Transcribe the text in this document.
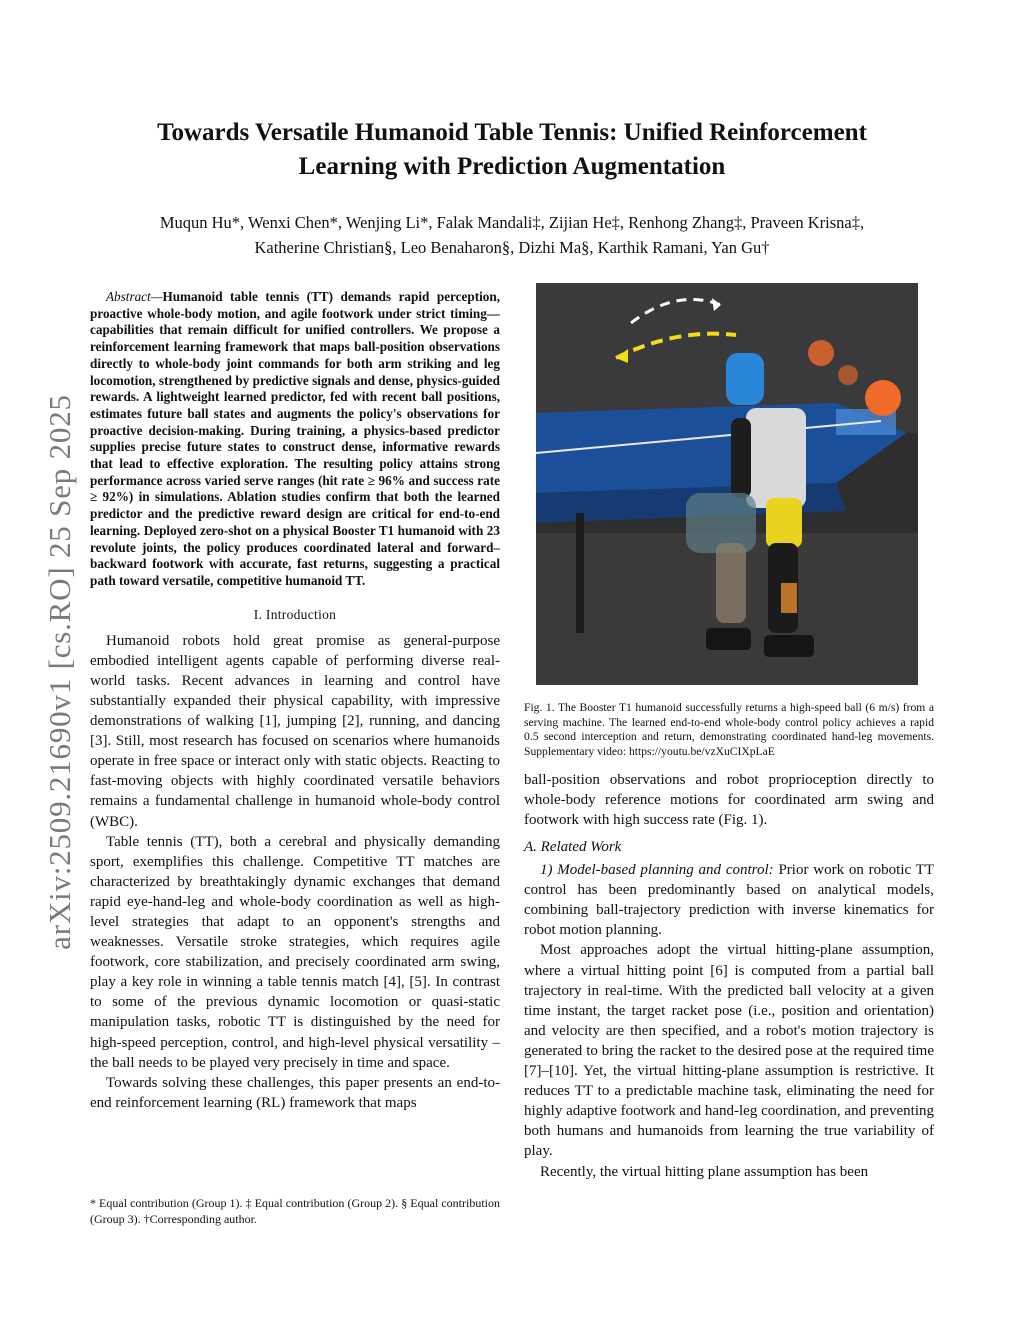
arXiv:2509.21690v1 [cs.RO] 25 Sep 2025
Towards Versatile Humanoid Table Tennis: Unified Reinforcement
Learning with Prediction Augmentation
Muqun Hu*, Wenxi Chen*, Wenjing Li*, Falak Mandali‡, Zijian He‡, Renhong Zhang‡, Praveen Krisna‡,
Katherine Christian§, Leo Benaharon§, Dizhi Ma§, Karthik Ramani, Yan Gu†

Abstract—Humanoid table tennis (TT) demands rapid perception, proactive whole-body motion, and agile footwork under strict timing—capabilities that remain difficult for unified controllers. We propose a reinforcement learning framework that maps ball-position observations directly to whole-body joint commands for both arm striking and leg locomotion, strengthened by predictive signals and dense, physics-guided rewards. A lightweight learned predictor, fed with recent ball positions, estimates future ball states and augments the policy's observations for proactive decision-making. During training, a physics-based predictor supplies precise future states to construct dense, informative rewards that lead to effective exploration. The resulting policy attains strong performance across varied serve ranges (hit rate ≥ 96% and success rate ≥ 92%) in simulations. Ablation studies confirm that both the learned predictor and the predictive reward design are critical for end-to-end learning. Deployed zero-shot on a physical Booster T1 humanoid with 23 revolute joints, the policy produces coordinated lateral and forward–backward footwork with accurate, fast returns, suggesting a practical path toward versatile, competitive humanoid TT.

I. Introduction

Humanoid robots hold great promise as general-purpose embodied intelligent agents capable of performing diverse real-world tasks. Recent advances in learning and control have substantially expanded their physical capability, with impressive demonstrations of walking [1], jumping [2], running, and dancing [3]. Still, most research has focused on scenarios where humanoids operate in free space or interact only with static objects. Reacting to fast-moving objects with highly coordinated versatile behaviors remains a fundamental challenge in humanoid whole-body control (WBC).

Table tennis (TT), both a cerebral and physically demanding sport, exemplifies this challenge. Competitive TT matches are characterized by breathtakingly dynamic exchanges that demand rapid eye-hand-leg and whole-body coordination as well as high-level strategies that adapt to an opponent's strengths and weaknesses. Versatile stroke strategies, which requires agile footwork, core stabilization, and precisely coordinated arm swing, play a key role in winning a table tennis match [4], [5]. In contrast to some of the previous dynamic locomotion or quasi-static manipulation tasks, robotic TT is distinguished by the need for high-speed perception, control, and high-level physical versatility – the ball needs to be played very precisely in time and space.

Towards solving these challenges, this paper presents an end-to-end reinforcement learning (RL) framework that maps

* Equal contribution (Group 1). ‡ Equal contribution (Group 2). § Equal contribution (Group 3). †Corresponding author.
Fig. 1. The Booster T1 humanoid successfully returns a high-speed ball (6 m/s) from a serving machine. The learned end-to-end whole-body control policy achieves a rapid 0.5 second interception and return, demonstrating coordinated hand-leg movements. Supplementary video: https://youtu.be/vzXuCIXpLaE

ball-position observations and robot proprioception directly to whole-body reference motions for coordinated arm swing and footwork with high success rate (Fig. 1).

A. Related Work

1) Model-based planning and control: Prior work on robotic TT control has been predominantly based on analytical models, combining ball-trajectory prediction with inverse kinematics for robot motion planning.

Most approaches adopt the virtual hitting-plane assumption, where a virtual hitting point [6] is computed from a partial ball trajectory in real-time. With the predicted ball velocity at a given time instant, the target racket pose (i.e., position and orientation) and velocity are then specified, and a robot's motion trajectory is generated to bring the racket to the desired pose at the required time [7]–[10]. Yet, the virtual hitting-plane assumption is restrictive. It reduces TT to a predictable machine task, eliminating the need for highly adaptive footwork and hand-leg coordination, and preventing both humans and humanoids from learning the true variability of play.

Recently, the virtual hitting plane assumption has been
